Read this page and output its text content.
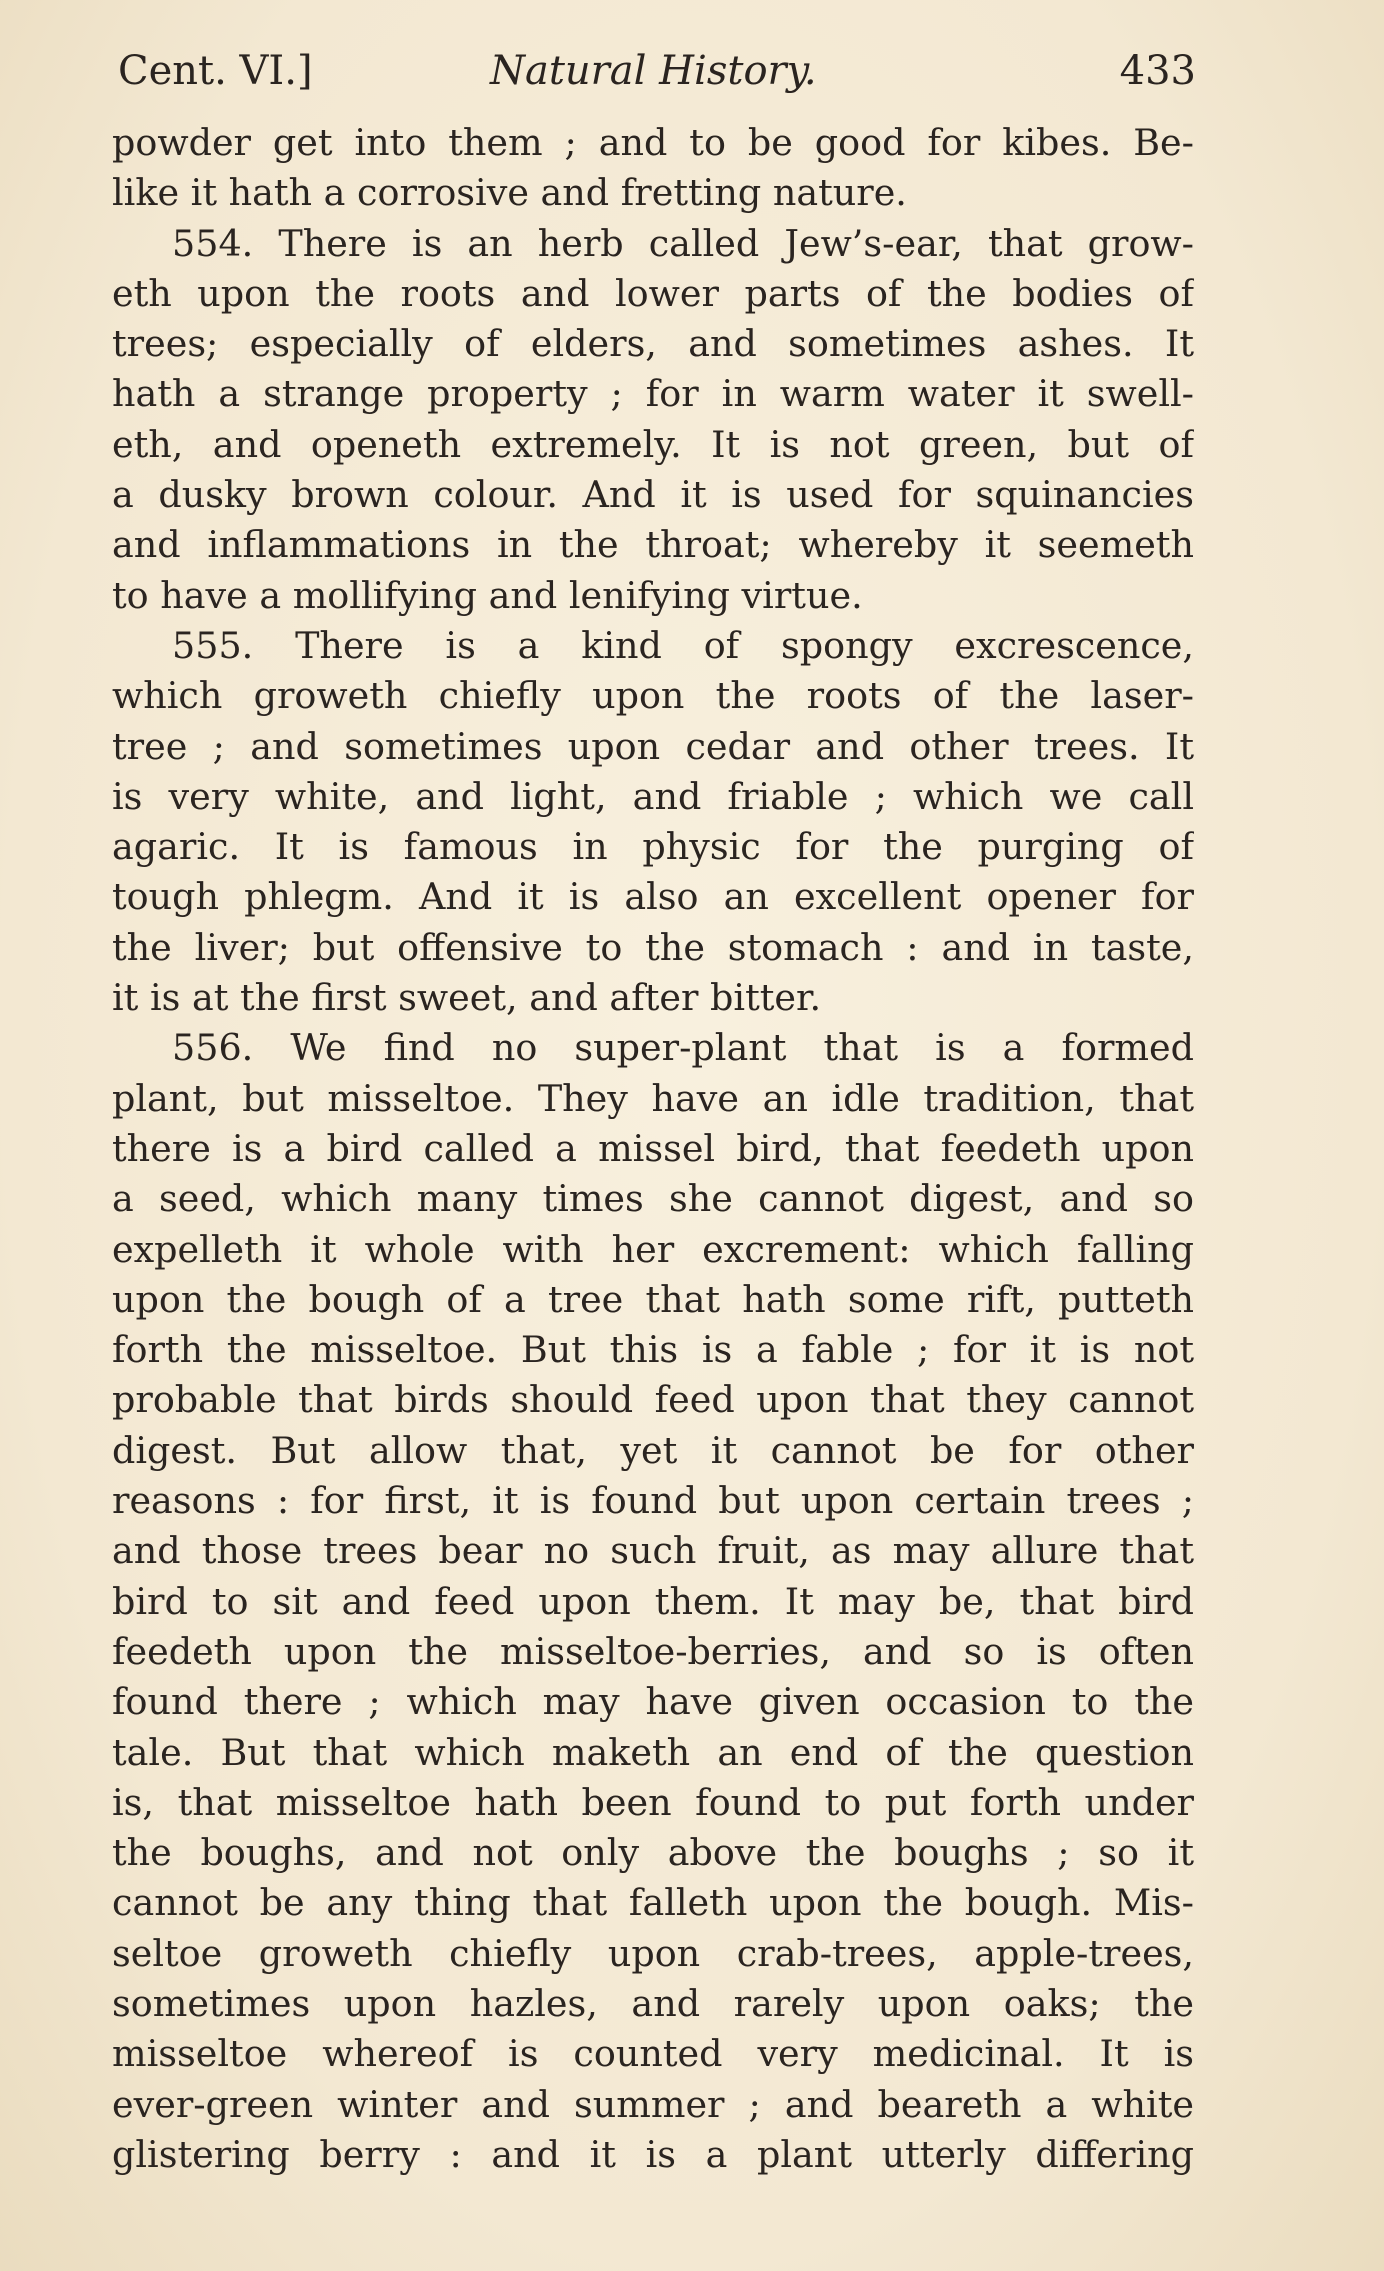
Cent. VI.]	Natural History.	433
powder get into them ; and to be good for kibes. Be-
like it hath a corrosive and fretting nature.
554. There is an herb called Jew’s-ear, that grow-
eth upon the roots and lower parts of the bodies of
trees; especially of elders, and sometimes ashes. It
hath a strange property ; for in warm water it swell-
eth, and openeth extremely. It is not green, but of
a dusky brown colour. And it is used for squinancies
and inflammations in the throat; whereby it seemeth
to have a mollifying and lenifying virtue.
555. There is a kind of spongy excrescence,
which groweth chiefly upon the roots of the laser-
tree ; and sometimes upon cedar and other trees. It
is very white, and light, and friable ; which we call
agaric. It is famous in physic for the purging of
tough phlegm. And it is also an excellent opener for
the liver; but offensive to the stomach : and in taste,
it is at the first sweet, and after bitter.
556. We find no super-plant that is a formed
plant, but misseltoe. They have an idle tradition, that
there is a bird called a missel bird, that feedeth upon
a seed, which many times she cannot digest, and so
expelleth it whole with her excrement: which falling
upon the bough of a tree that hath some rift, putteth
forth the misseltoe. But this is a fable ; for it is not
probable that birds should feed upon that they cannot
digest. But allow that, yet it cannot be for other
reasons : for first, it is found but upon certain trees ;
and those trees bear no such fruit, as may allure that
bird to sit and feed upon them. It may be, that bird
feedeth upon the misseltoe-berries, and so is often
found there ; which may have given occasion to the
tale. But that which maketh an end of the question
is, that misseltoe hath been found to put forth under
the boughs, and not only above the boughs ; so it
cannot be any thing that falleth upon the bough. Mis-
seltoe groweth chiefly upon crab-trees, apple-trees,
sometimes upon hazles, and rarely upon oaks; the
misseltoe whereof is counted very medicinal. It is
ever-green winter and summer ; and beareth a white
glistering berry : and it is a plant utterly differing
